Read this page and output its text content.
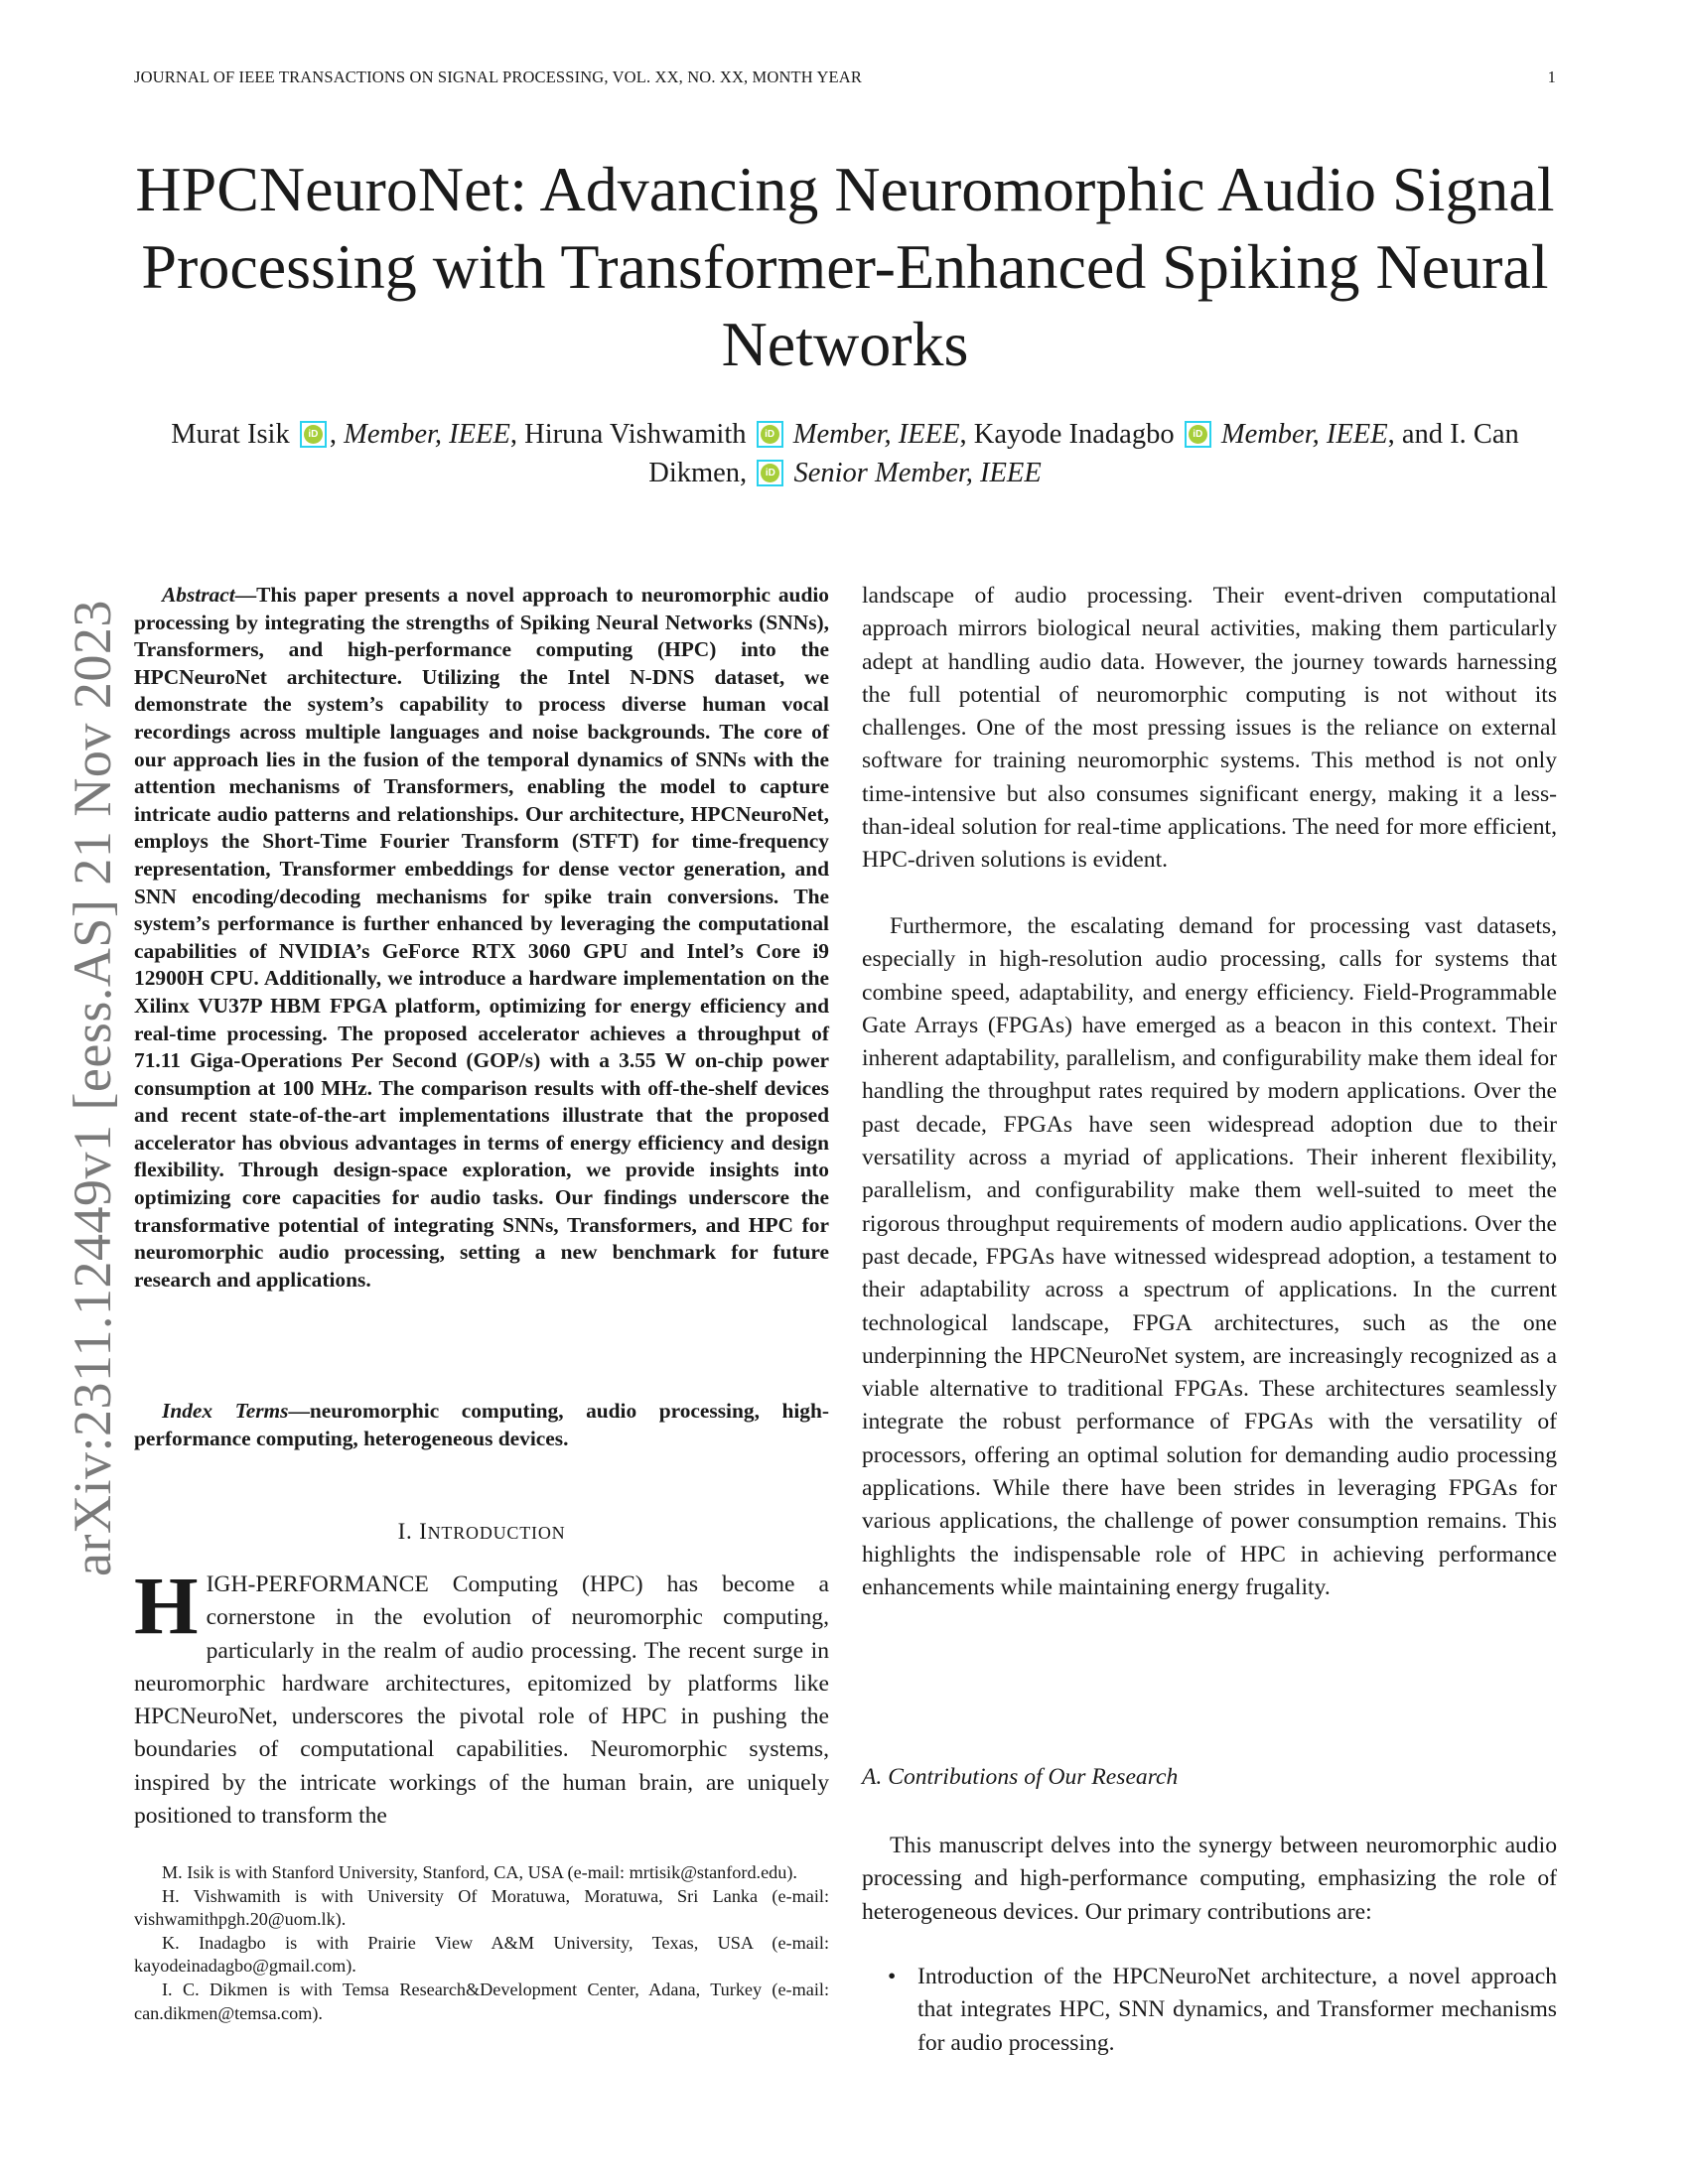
JOURNAL OF IEEE TRANSACTIONS ON SIGNAL PROCESSING, VOL. XX, NO. XX, MONTH YEAR	1
arXiv:2311.12449v1 [eess.AS] 21 Nov 2023
HPCNeuroNet: Advancing Neuromorphic Audio Signal Processing with Transformer-Enhanced Spiking Neural Networks
Murat Isik	iD , Member, IEEE, Hiruna Vishwamith	iD Member, IEEE, Kayode Inadagbo	iD Member, IEEE, and I. Can Dikmen,	iD Senior Member, IEEE
Abstract—This paper presents a novel approach to neuromorphic audio processing by integrating the strengths of Spiking Neural Networks (SNNs), Transformers, and high-performance computing (HPC) into the HPCNeuroNet architecture. Utilizing the Intel N-DNS dataset, we demonstrate the system’s capability to process diverse human vocal recordings across multiple languages and noise backgrounds. The core of our approach lies in the fusion of the temporal dynamics of SNNs with the attention mechanisms of Transformers, enabling the model to capture intricate audio patterns and relationships. Our architecture, HPCNeuroNet, employs the Short-Time Fourier Transform (STFT) for time-frequency representation, Transformer embeddings for dense vector generation, and SNN encoding/decoding mechanisms for spike train conversions. The system’s performance is further enhanced by leveraging the computational capabilities of NVIDIA’s GeForce RTX 3060 GPU and Intel’s Core i9 12900H CPU. Additionally, we introduce a hardware implementation on the Xilinx VU37P HBM FPGA platform, optimizing for energy efficiency and real-time processing. The proposed accelerator achieves a throughput of 71.11 Giga-Operations Per Second (GOP/s) with a 3.55 W on-chip power consumption at 100 MHz. The comparison results with off-the-shelf devices and recent state-of-the-art implementations illustrate that the proposed accelerator has obvious advantages in terms of energy efficiency and design flexibility. Through design-space exploration, we provide insights into optimizing core capacities for audio tasks. Our findings underscore the transformative potential of integrating SNNs, Transformers, and HPC for neuromorphic audio processing, setting a new benchmark for future research and applications.
Index Terms—neuromorphic computing, audio processing, high-performance computing, heterogeneous devices.
I. INTRODUCTION
HIGH-PERFORMANCE Computing (HPC) has become a cornerstone in the evolution of neuromorphic computing, particularly in the realm of audio processing. The recent surge in neuromorphic hardware architectures, epitomized by platforms like HPCNeuroNet, underscores the pivotal role of HPC in pushing the boundaries of computational capabilities. Neuromorphic systems, inspired by the intricate workings of the human brain, are uniquely positioned to transform the

M. Isik is with Stanford University, Stanford, CA, USA (e-mail: mrtisik@stanford.edu).

H. Vishwamith is with University Of Moratuwa, Moratuwa, Sri Lanka (e-mail: vishwamithpgh.20@uom.lk).

K. Inadagbo is with Prairie View A&M University, Texas, USA (e-mail: kayodeinadagbo@gmail.com).

I. C. Dikmen is with Temsa Research&Development Center, Adana, Turkey (e-mail: can.dikmen@temsa.com).

landscape of audio processing. Their event-driven computational approach mirrors biological neural activities, making them particularly adept at handling audio data. However, the journey towards harnessing the full potential of neuromorphic computing is not without its challenges. One of the most pressing issues is the reliance on external software for training neuromorphic systems. This method is not only time-intensive but also consumes significant energy, making it a less-than-ideal solution for real-time applications. The need for more efficient, HPC-driven solutions is evident.

Furthermore, the escalating demand for processing vast datasets, especially in high-resolution audio processing, calls for systems that combine speed, adaptability, and energy efficiency. Field-Programmable Gate Arrays (FPGAs) have emerged as a beacon in this context. Their inherent adaptability, parallelism, and configurability make them ideal for handling the throughput rates required by modern applications. Over the past decade, FPGAs have seen widespread adoption due to their versatility across a myriad of applications. Their inherent flexibility, parallelism, and configurability make them well-suited to meet the rigorous throughput requirements of modern audio applications. Over the past decade, FPGAs have witnessed widespread adoption, a testament to their adaptability across a spectrum of applications. In the current technological landscape, FPGA architectures, such as the one underpinning the HPCNeuroNet system, are increasingly recognized as a viable alternative to traditional FPGAs. These architectures seamlessly integrate the robust performance of FPGAs with the versatility of processors, offering an optimal solution for demanding audio processing applications. While there have been strides in leveraging FPGAs for various applications, the challenge of power consumption remains. This highlights the indispensable role of HPC in achieving performance enhancements while maintaining energy frugality.

A. Contributions of Our Research

This manuscript delves into the synergy between neuromorphic audio processing and high-performance computing, emphasizing the role of heterogeneous devices. Our primary contributions are:

• Introduction of the HPCNeuroNet architecture, a novel approach that integrates HPC, SNN dynamics, and Transformer mechanisms for audio processing.
